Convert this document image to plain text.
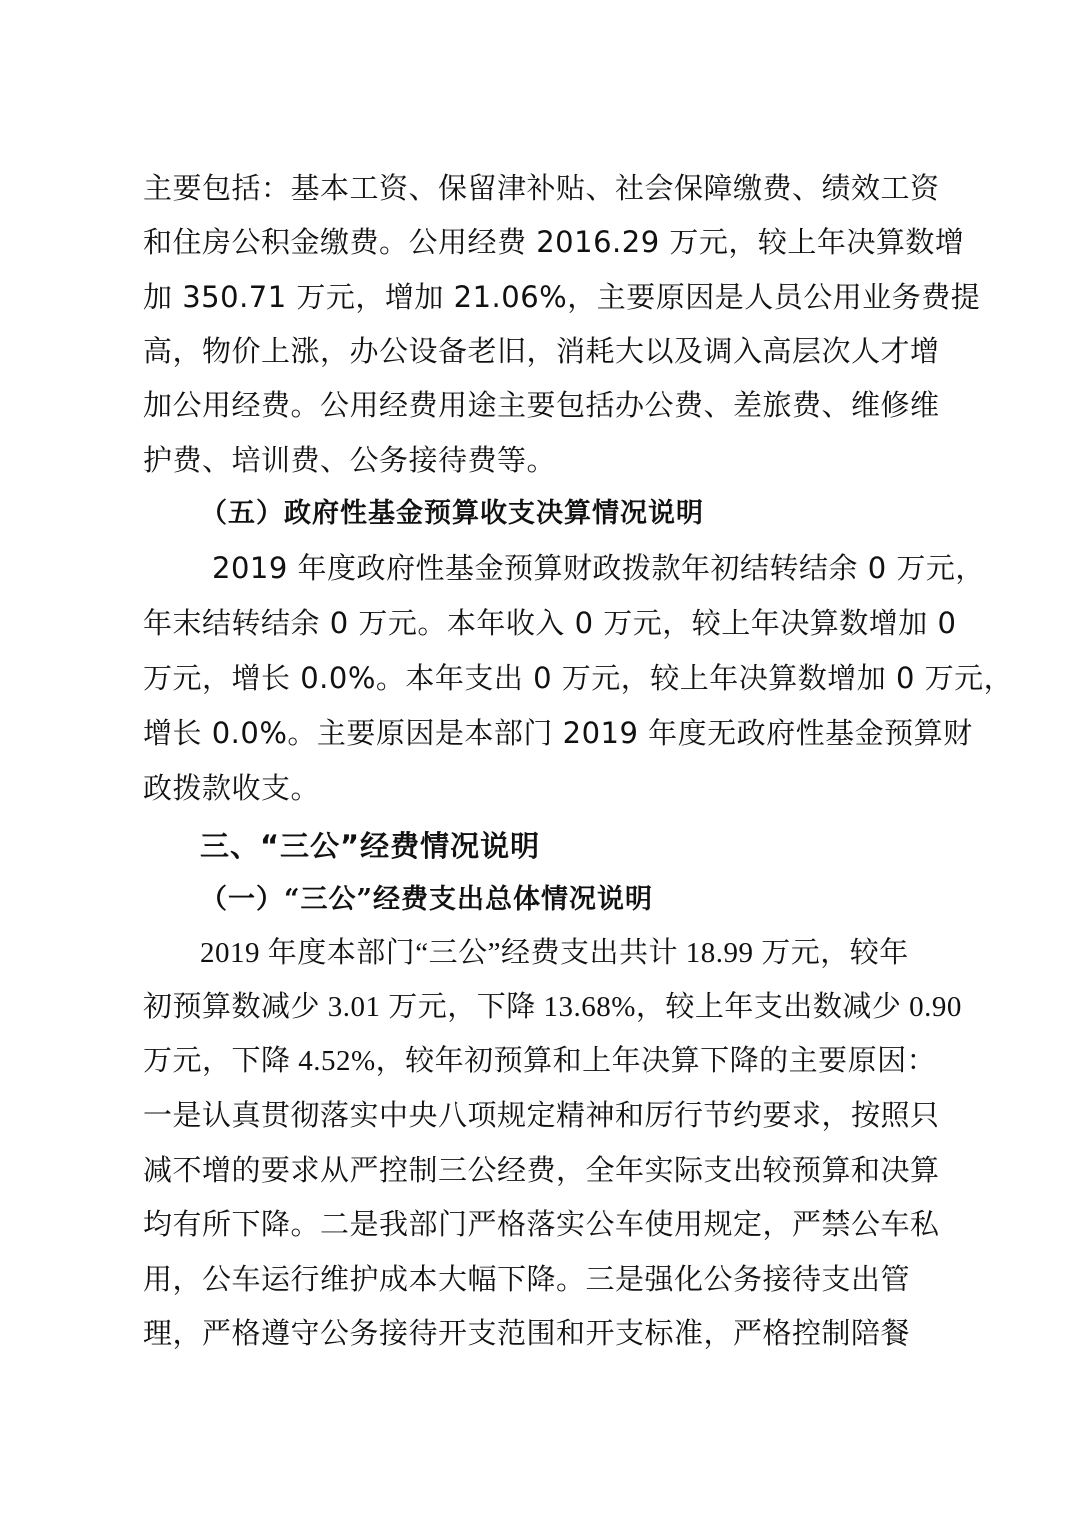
主要包括：基本工资、保留津补贴、社会保障缴费、绩效工资
和住房公积金缴费。公用经费 2016.29 万元，较上年决算数增
加 350.71 万元，增加 21.06%，主要原因是人员公用业务费提
高，物价上涨，办公设备老旧，消耗大以及调入高层次人才增
加公用经费。公用经费用途主要包括办公费、差旅费、维修维
护费、培训费、公务接待费等。
（五）政府性基金预算收支决算情况说明
2019 年度政府性基金预算财政拨款年初结转结余 0 万元，
年末结转结余 0 万元。本年收入 0 万元，较上年决算数增加 0
万元，增长 0.0%。本年支出 0 万元，较上年决算数增加 0 万元，
增长 0.0%。主要原因是本部门 2019 年度无政府性基金预算财
政拨款收支。
三、“三公”经费情况说明
（一）“三公”经费支出总体情况说明
2019 年度本部门“三公”经费支出共计 18.99 万元，较年
初预算数减少 3.01 万元，下降 13.68%，较上年支出数减少 0.90
万元，下降 4.52%，较年初预算和上年决算下降的主要原因：
一是认真贯彻落实中央八项规定精神和厉行节约要求，按照只
减不增的要求从严控制三公经费，全年实际支出较预算和决算
均有所下降。二是我部门严格落实公车使用规定，严禁公车私
用，公车运行维护成本大幅下降。三是强化公务接待支出管
理，严格遵守公务接待开支范围和开支标准，严格控制陪餐
